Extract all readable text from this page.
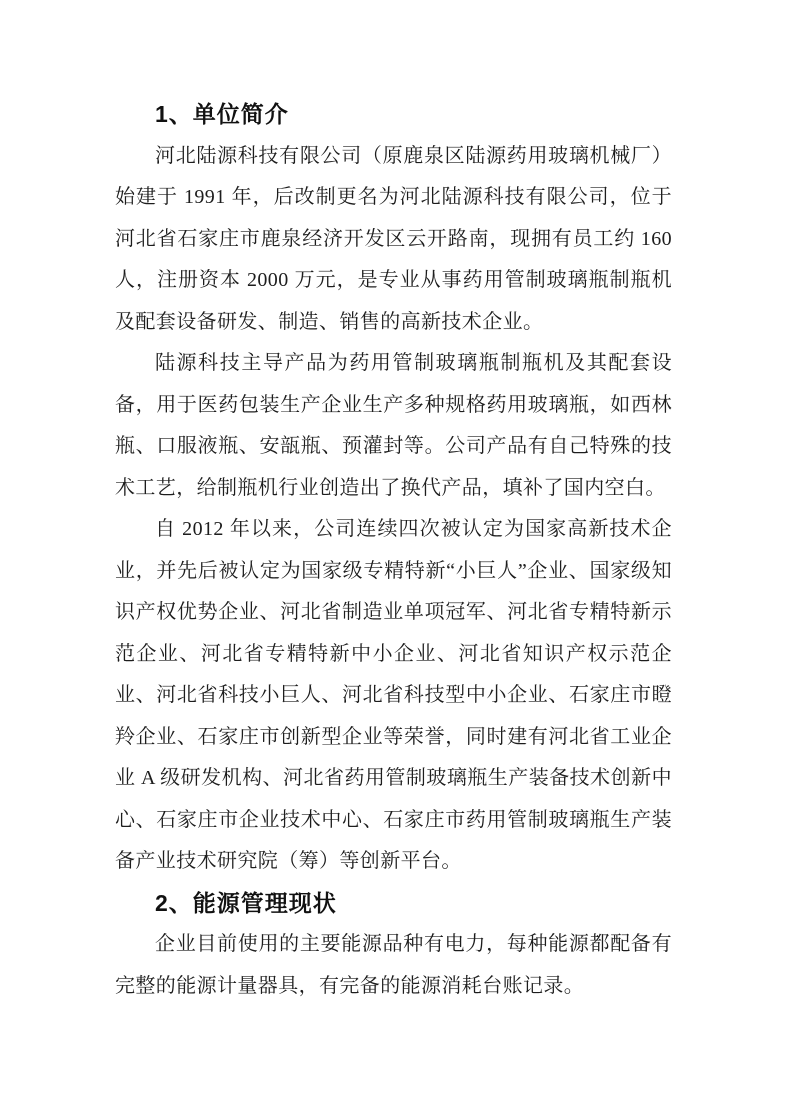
1、单位简介

河北陆源科技有限公司（原鹿泉区陆源药用玻璃机械厂）始建于 1991 年，后改制更名为河北陆源科技有限公司，位于河北省石家庄市鹿泉经济开发区云开路南，现拥有员工约 160 人，注册资本 2000 万元，是专业从事药用管制玻璃瓶制瓶机及配套设备研发、制造、销售的高新技术企业。

陆源科技主导产品为药用管制玻璃瓶制瓶机及其配套设备，用于医药包装生产企业生产多种规格药用玻璃瓶，如西林瓶、口服液瓶、安瓿瓶、预灌封等。公司产品有自己特殊的技术工艺，给制瓶机行业创造出了换代产品，填补了国内空白。

自 2012 年以来，公司连续四次被认定为国家高新技术企业，并先后被认定为国家级专精特新“小巨人”企业、国家级知识产权优势企业、河北省制造业单项冠军、河北省专精特新示范企业、河北省专精特新中小企业、河北省知识产权示范企业、河北省科技小巨人、河北省科技型中小企业、石家庄市瞪羚企业、石家庄市创新型企业等荣誉，同时建有河北省工业企业 A 级研发机构、河北省药用管制玻璃瓶生产装备技术创新中心、石家庄市企业技术中心、石家庄市药用管制玻璃瓶生产装备产业技术研究院（筹）等创新平台。

2、能源管理现状

企业目前使用的主要能源品种有电力，每种能源都配备有完整的能源计量器具，有完备的能源消耗台账记录。
